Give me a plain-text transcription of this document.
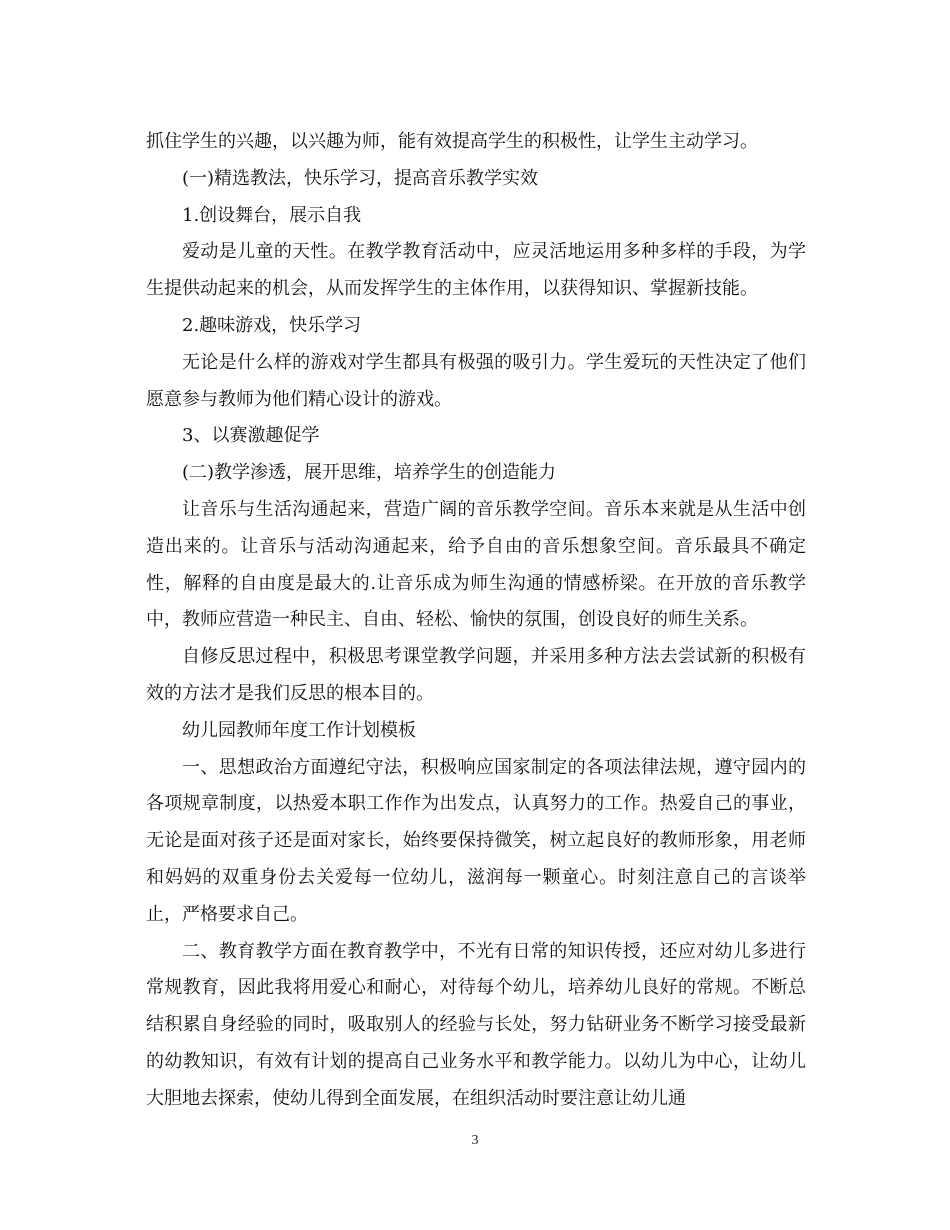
抓住学生的兴趣，以兴趣为师，能有效提高学生的积极性，让学生主动学习。

(一)精选教法，快乐学习，提高音乐教学实效

1.创设舞台，展示自我

爱动是儿童的天性。在教学教育活动中，应灵活地运用多种多样的手段，为学生提供动起来的机会，从而发挥学生的主体作用，以获得知识、掌握新技能。

2.趣味游戏，快乐学习

无论是什么样的游戏对学生都具有极强的吸引力。学生爱玩的天性决定了他们愿意参与教师为他们精心设计的游戏。

3、以赛激趣促学

(二)教学渗透，展开思维，培养学生的创造能力

让音乐与生活沟通起来，营造广阔的音乐教学空间。音乐本来就是从生活中创造出来的。让音乐与活动沟通起来，给予自由的音乐想象空间。音乐最具不确定性，解释的自由度是最大的.让音乐成为师生沟通的情感桥梁。在开放的音乐教学中，教师应营造一种民主、自由、轻松、愉快的氛围，创设良好的师生关系。

自修反思过程中，积极思考课堂教学问题，并采用多种方法去尝试新的积极有效的方法才是我们反思的根本目的。

幼儿园教师年度工作计划模板

一、思想政治方面遵纪守法，积极响应国家制定的各项法律法规，遵守园内的各项规章制度，以热爱本职工作作为出发点，认真努力的工作。热爱自己的事业，无论是面对孩子还是面对家长，始终要保持微笑，树立起良好的教师形象，用老师和妈妈的双重身份去关爱每一位幼儿，滋润每一颗童心。时刻注意自己的言谈举止，严格要求自己。

二、教育教学方面在教育教学中，不光有日常的知识传授，还应对幼儿多进行常规教育，因此我将用爱心和耐心，对待每个幼儿，培养幼儿良好的常规。不断总结积累自身经验的同时，吸取别人的经验与长处，努力钻研业务不断学习接受最新的幼教知识，有效有计划的提高自己业务水平和教学能力。以幼儿为中心，让幼儿大胆地去探索，使幼儿得到全面发展，在组织活动时要注意让幼儿通

3
